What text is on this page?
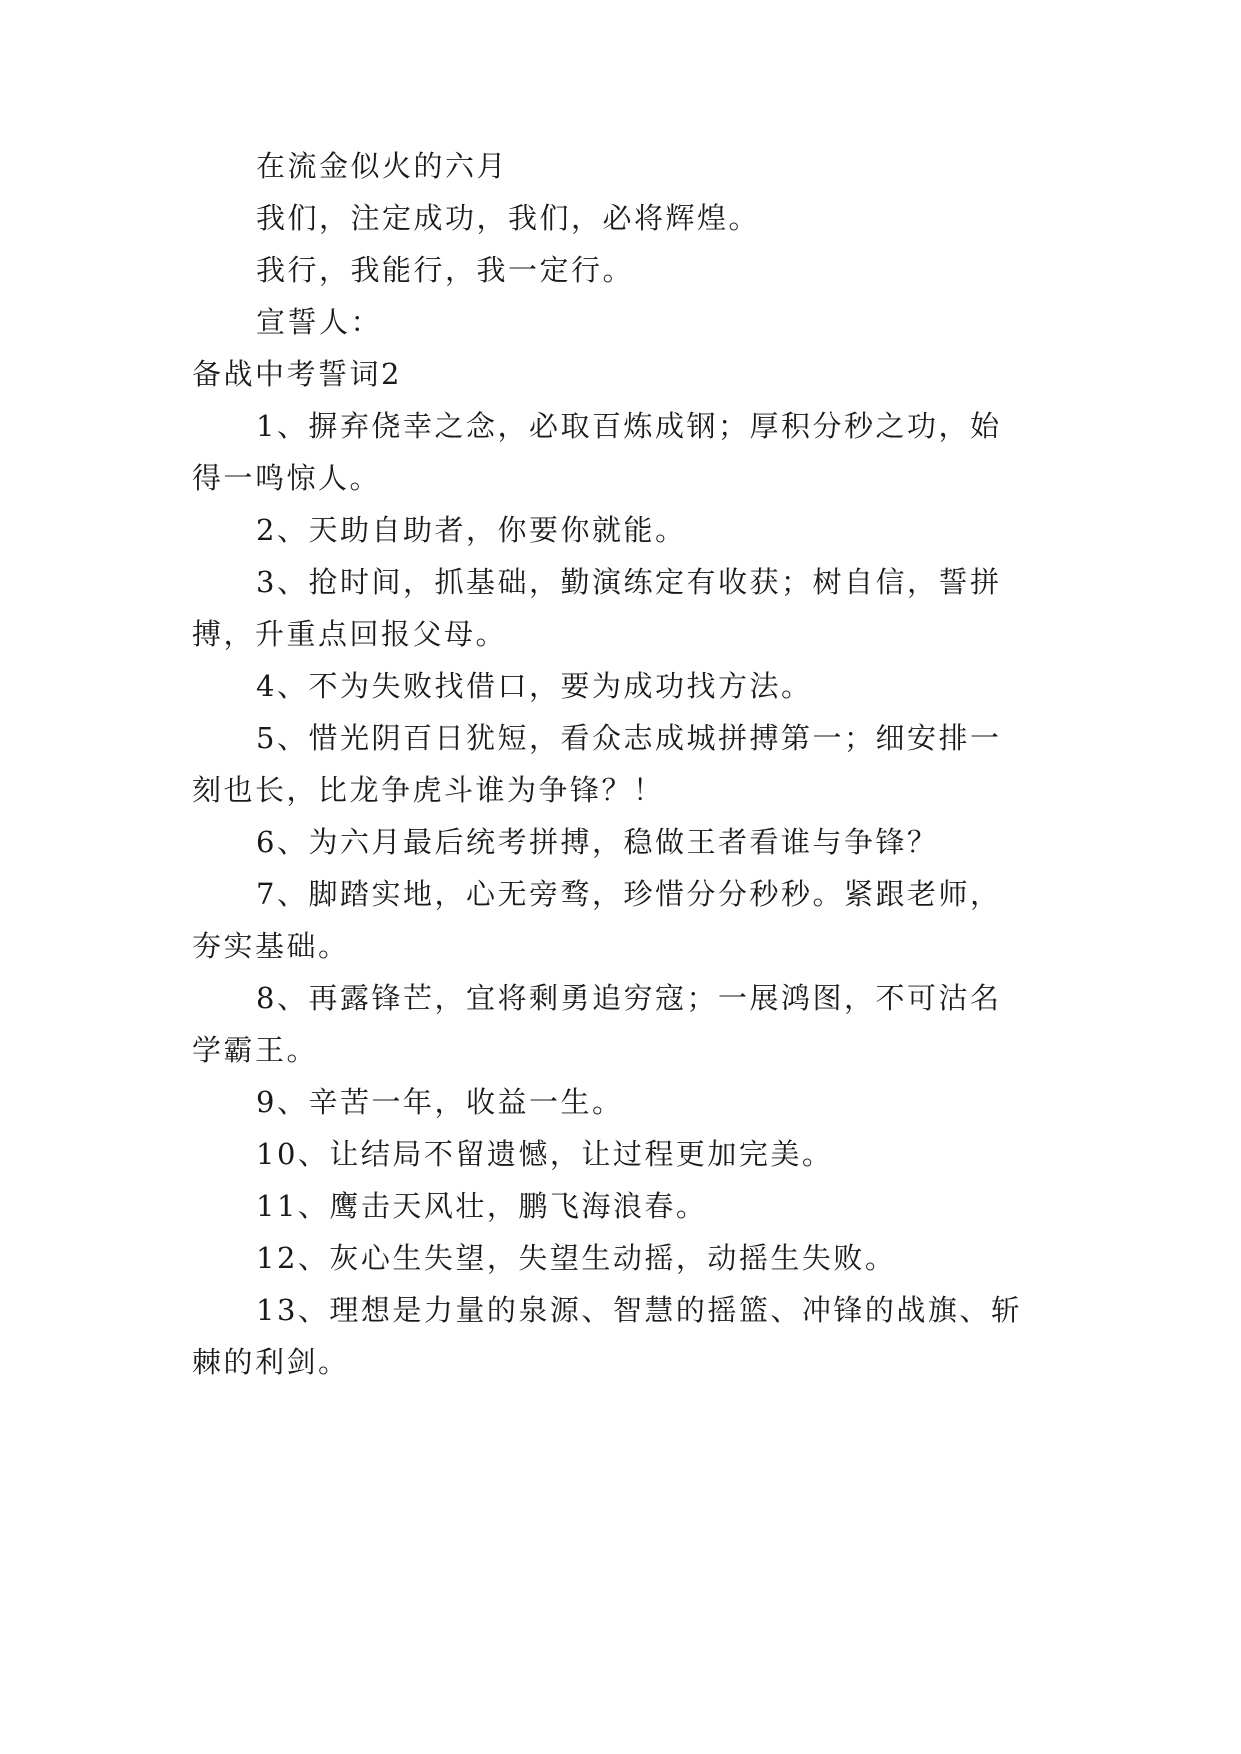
在流金似火的六月
我们，注定成功，我们，必将辉煌。
我行，我能行，我一定行。
宣誓人：
备战中考誓词2
1、摒弃侥幸之念，必取百炼成钢；厚积分秒之功，始
得一鸣惊人。
2、天助自助者，你要你就能。
3、抢时间，抓基础，勤演练定有收获；树自信，誓拼
搏，升重点回报父母。
4、不为失败找借口，要为成功找方法。
5、惜光阴百日犹短，看众志成城拼搏第一；细安排一
刻也长，比龙争虎斗谁为争锋？！
6、为六月最后统考拼搏，稳做王者看谁与争锋？
7、脚踏实地，心无旁骛，珍惜分分秒秒。紧跟老师，
夯实基础。
8、再露锋芒，宜将剩勇追穷寇；一展鸿图，不可沽名
学霸王。
9、辛苦一年，收益一生。
10、让结局不留遗憾，让过程更加完美。
11、鹰击天风壮，鹏飞海浪春。
12、灰心生失望，失望生动摇，动摇生失败。
13、理想是力量的泉源、智慧的摇篮、冲锋的战旗、斩
棘的利剑。
